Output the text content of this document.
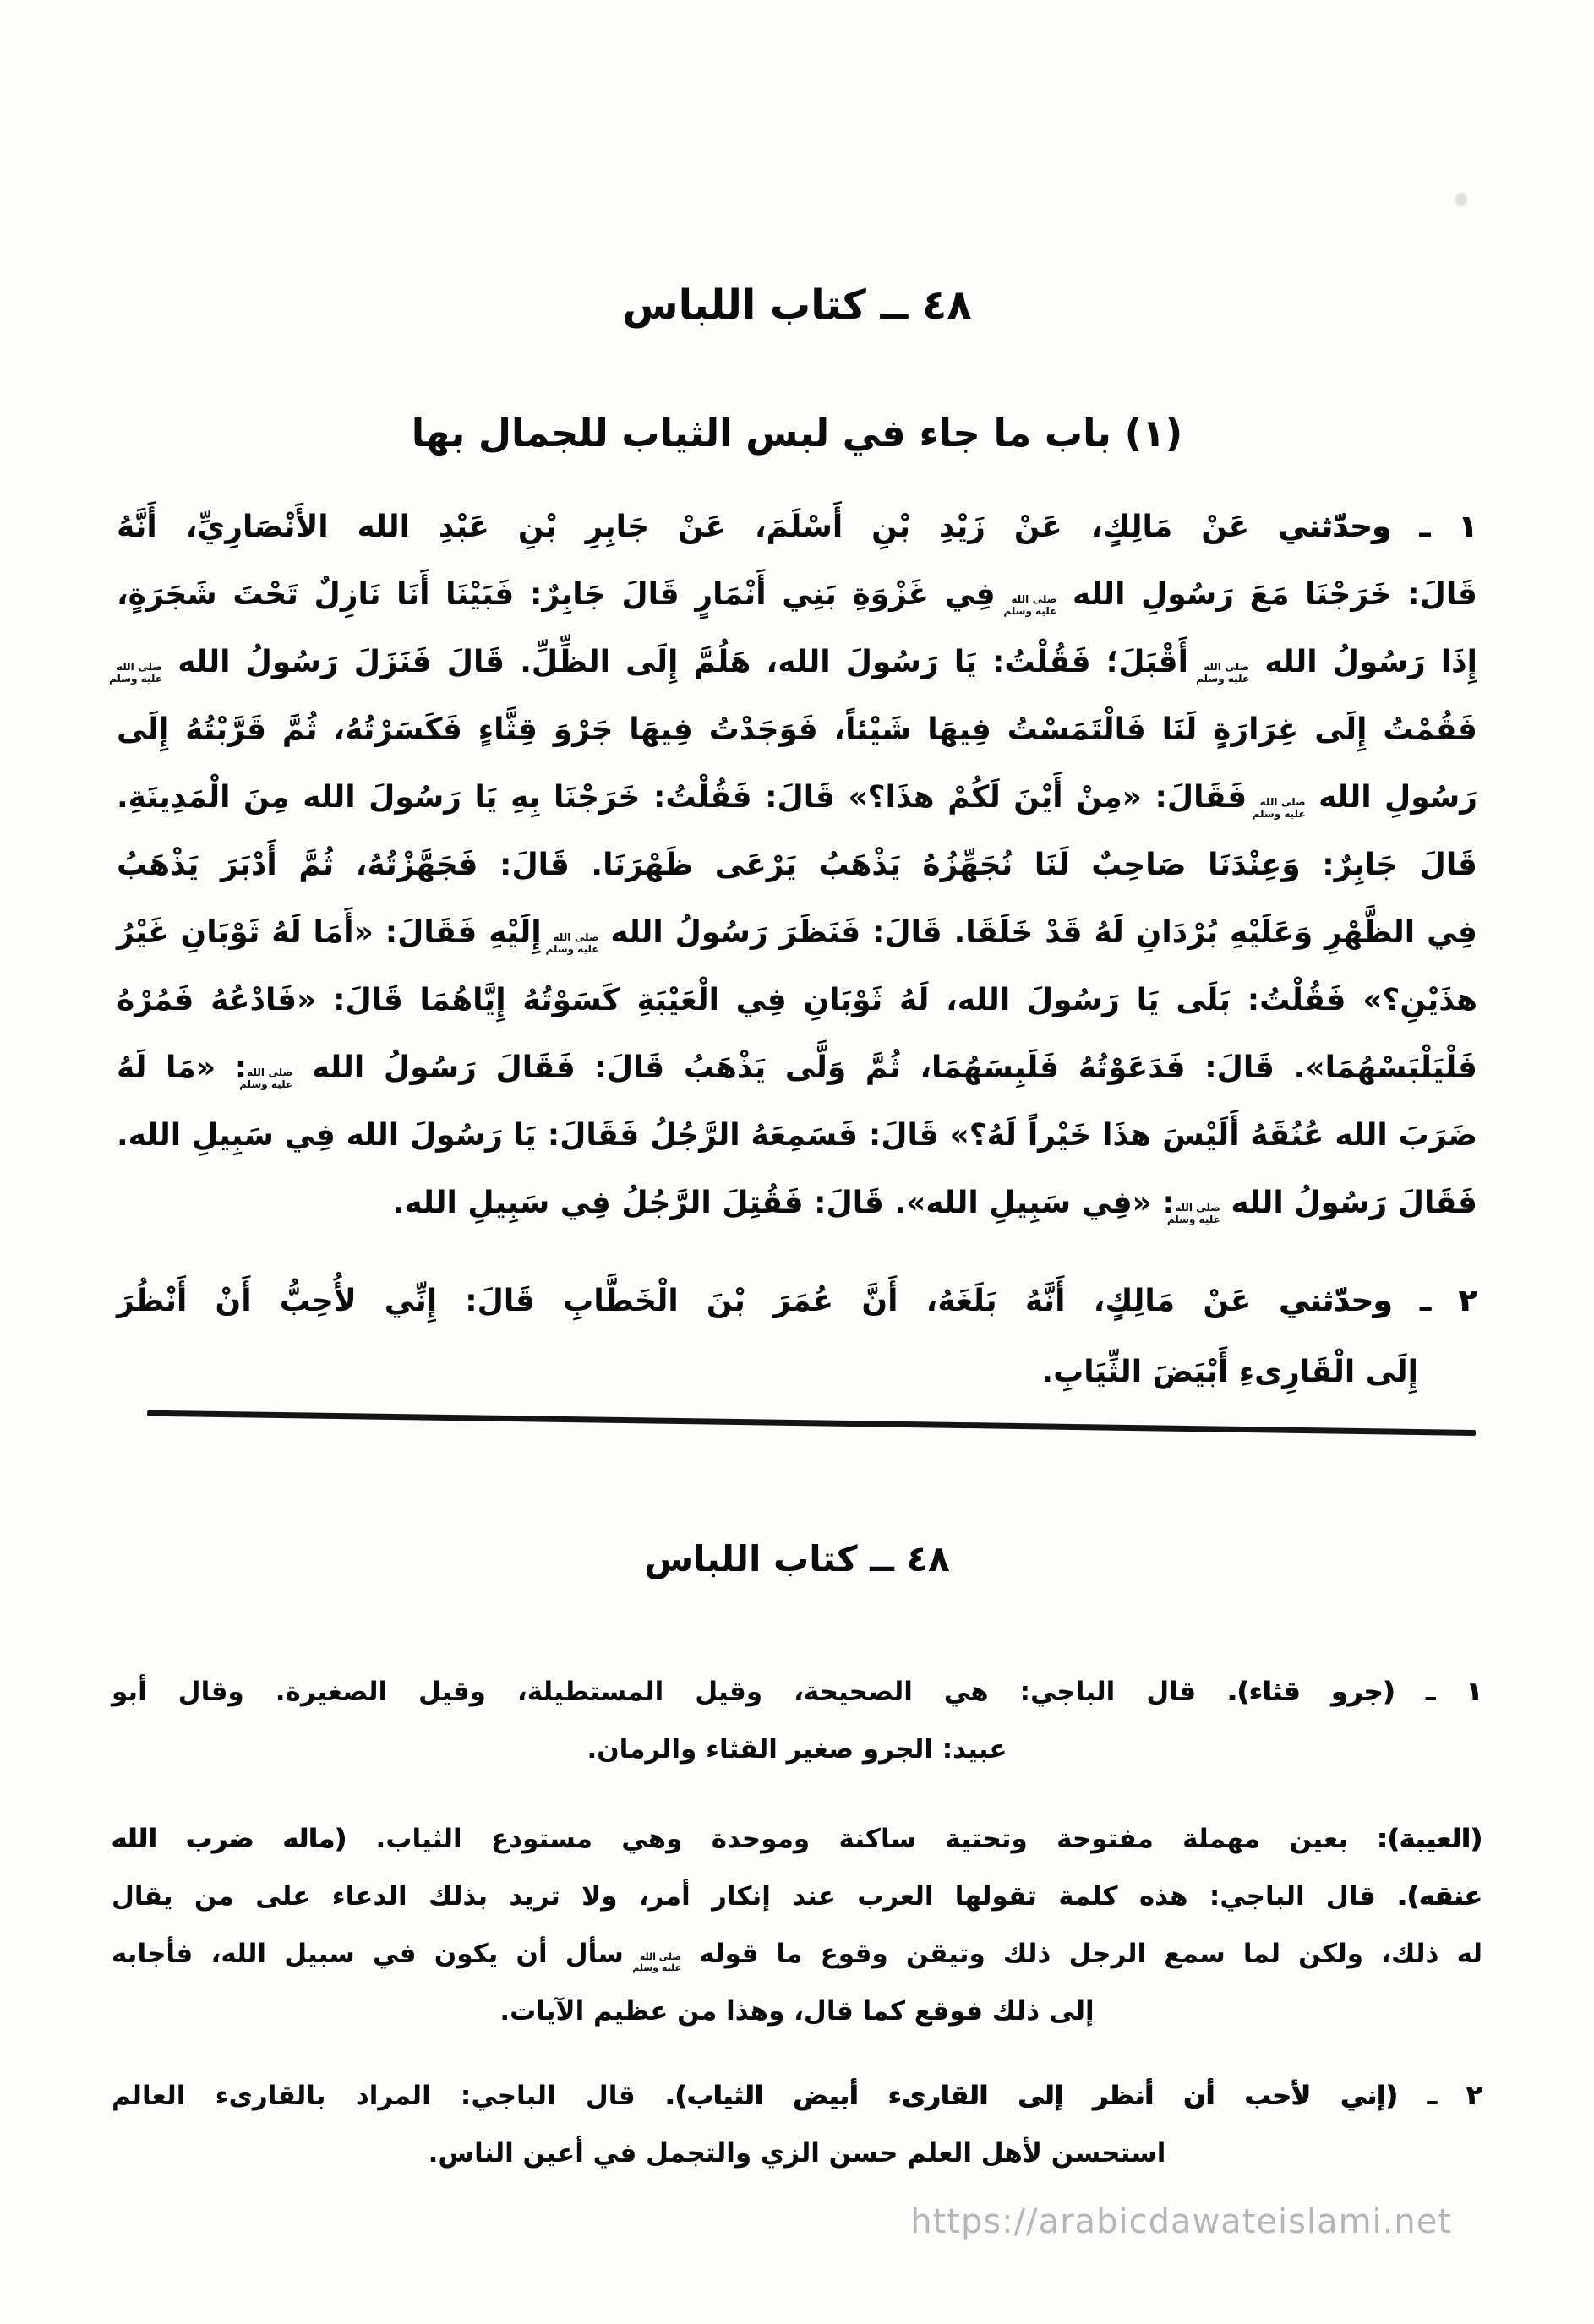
٤٨ ــ كتاب اللباس
(١) باب ما جاء في لبس الثياب للجمال بها
١ ـ وحدّثني عَنْ مَالِكٍ، عَنْ زَيْدِ بْنِ أَسْلَمَ، عَنْ جَابِرِ بْنِ عَبْدِ الله الأَنْصَارِيِّ، أَنَّهُ
قَالَ: خَرَجْنَا مَعَ رَسُولِ الله
صلى الله
عليه وسلم
فِي غَزْوَةِ بَنِي أَنْمَارٍ قَالَ جَابِرٌ: فَبَيْنَا أَنَا نَازِلٌ تَحْتَ شَجَرَةٍ،
إِذَا رَسُولُ الله
صلى الله
عليه وسلم
أَقْبَلَ؛ فَقُلْتُ: يَا رَسُولَ الله، هَلُمَّ إِلَى الظِّلِّ. قَالَ فَنَزَلَ رَسُولُ الله
صلى الله
عليه وسلم
فَقُمْتُ إِلَى غِرَارَةٍ لَنَا فَالْتَمَسْتُ فِيهَا شَيْئاً، فَوَجَدْتُ فِيهَا جَرْوَ قِثَّاءٍ فَكَسَرْتُهُ، ثُمَّ قَرَّبْتُهُ إِلَى
رَسُولِ الله
صلى الله
عليه وسلم
فَقَالَ: «مِنْ أَيْنَ لَكُمْ هذَا؟» قَالَ: فَقُلْتُ: خَرَجْنَا بِهِ يَا رَسُولَ الله مِنَ الْمَدِينَةِ.
قَالَ جَابِرٌ: وَعِنْدَنَا صَاحِبٌ لَنَا نُجَهِّزُهُ يَذْهَبُ يَرْعَى ظَهْرَنَا. قَالَ: فَجَهَّزْتُهُ، ثُمَّ أَدْبَرَ يَذْهَبُ
فِي الظَّهْرِ وَعَلَيْهِ بُرْدَانِ لَهُ قَدْ خَلَقَا. قَالَ: فَنَظَرَ رَسُولُ الله
صلى الله
عليه وسلم
إِلَيْهِ فَقَالَ: «أَمَا لَهُ ثَوْبَانِ غَيْرُ
هذَيْنِ؟» فَقُلْتُ: بَلَى يَا رَسُولَ الله، لَهُ ثَوْبَانِ فِي الْعَيْبَةِ كَسَوْتُهُ إِيَّاهُمَا قَالَ: «فَادْعُهُ فَمُرْهُ
فَلْيَلْبَسْهُمَا». قَالَ: فَدَعَوْتُهُ فَلَبِسَهُمَا، ثُمَّ وَلَّى يَذْهَبُ قَالَ: فَقَالَ رَسُولُ الله
صلى الله
عليه وسلم
: «مَا لَهُ
ضَرَبَ الله عُنُقَهُ أَلَيْسَ هذَا خَيْراً لَهُ؟» قَالَ: فَسَمِعَهُ الرَّجُلُ فَقَالَ: يَا رَسُولَ الله فِي سَبِيلِ الله.
فَقَالَ رَسُولُ الله
صلى الله
عليه وسلم
: «فِي سَبِيلِ الله». قَالَ: فَقُتِلَ الرَّجُلُ فِي سَبِيلِ الله.
٢ ـ وحدّثني عَنْ مَالِكٍ، أَنَّهُ بَلَغَهُ، أَنَّ عُمَرَ بْنَ الْخَطَّابِ قَالَ: إِنِّي لأُحِبُّ أَنْ أَنْظُرَ
إِلَى الْقَارِىءِ أَبْيَضَ الثِّيَابِ.
٤٨ ــ كتاب اللباس
١ ـ (جرو قثاء). قال الباجي: هي الصحيحة، وقيل المستطيلة، وقيل الصغيرة. وقال أبو
عبيد: الجرو صغير القثاء والرمان.
(العيبة): بعين مهملة مفتوحة وتحتية ساكنة وموحدة وهي مستودع الثياب. (ماله ضرب الله
عنقه). قال الباجي: هذه كلمة تقولها العرب عند إنكار أمر، ولا تريد بذلك الدعاء على من يقال
له ذلك، ولكن لما سمع الرجل ذلك وتيقن وقوع ما قوله
صلى الله
عليه وسلم
سأل أن يكون في سبيل الله، فأجابه
إلى ذلك فوقع كما قال، وهذا من عظيم الآيات.
٢ ـ (إني لأحب أن أنظر إلى القارىء أبيض الثياب). قال الباجي: المراد بالقارىء العالم
استحسن لأهل العلم حسن الزي والتجمل في أعين الناس.
https://arabicdawateislami.net
